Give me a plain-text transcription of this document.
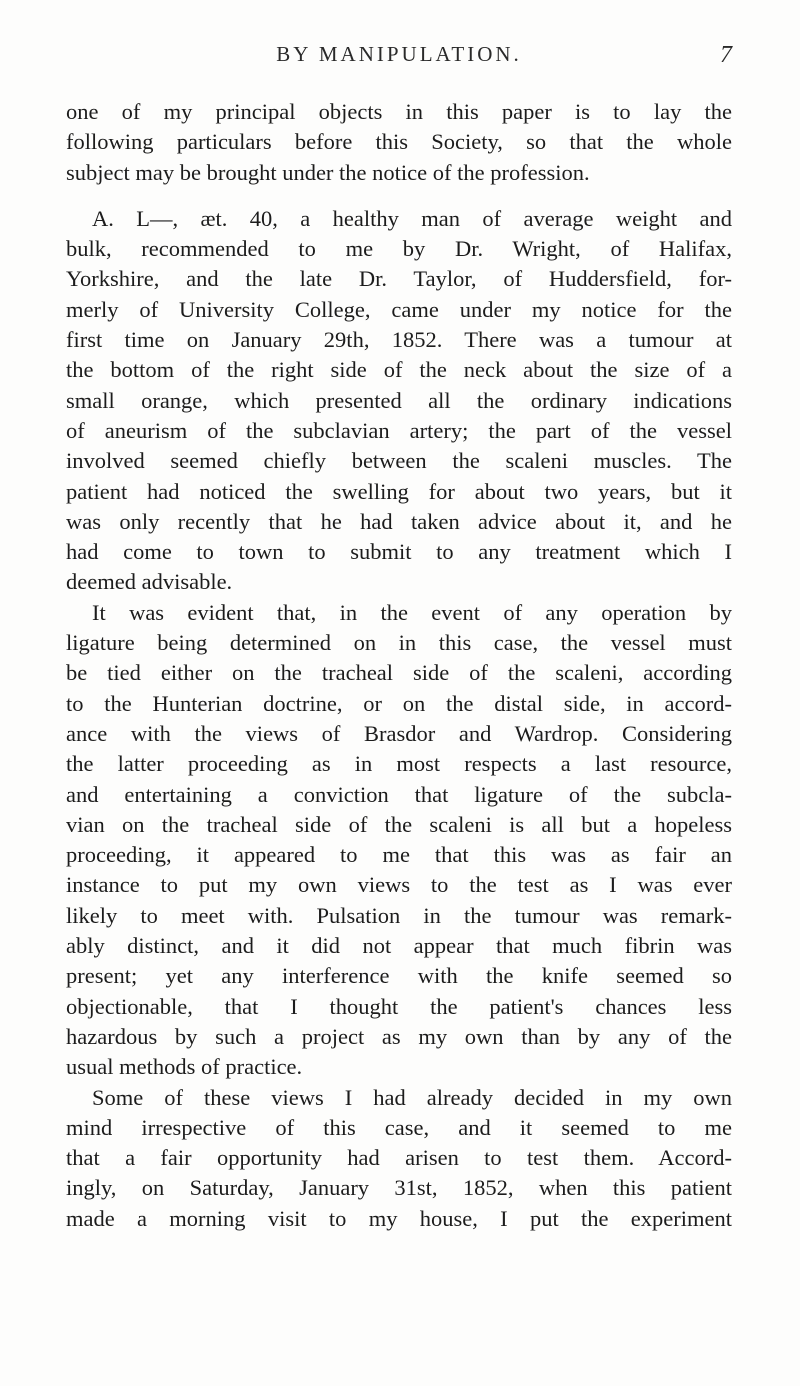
BY MANIPULATION.	7
one of my principal objects in this paper is to lay the
following particulars before this Society, so that the whole
subject may be brought under the notice of the profession.
A. L—, æt. 40, a healthy man of average weight and
bulk, recommended to me by Dr. Wright, of Halifax,
Yorkshire, and the late Dr. Taylor, of Huddersfield, for-
merly of University College, came under my notice for the
first time on January 29th, 1852. There was a tumour at
the bottom of the right side of the neck about the size of a
small orange, which presented all the ordinary indications
of aneurism of the subclavian artery; the part of the vessel
involved seemed chiefly between the scaleni muscles. The
patient had noticed the swelling for about two years, but it
was only recently that he had taken advice about it, and he
had come to town to submit to any treatment which I
deemed advisable.
It was evident that, in the event of any operation by
ligature being determined on in this case, the vessel must
be tied either on the tracheal side of the scaleni, according
to the Hunterian doctrine, or on the distal side, in accord-
ance with the views of Brasdor and Wardrop. Considering
the latter proceeding as in most respects a last resource,
and entertaining a conviction that ligature of the subcla-
vian on the tracheal side of the scaleni is all but a hopeless
proceeding, it appeared to me that this was as fair an
instance to put my own views to the test as I was ever
likely to meet with. Pulsation in the tumour was remark-
ably distinct, and it did not appear that much fibrin was
present; yet any interference with the knife seemed so
objectionable, that I thought the patient's chances less
hazardous by such a project as my own than by any of the
usual methods of practice.
Some of these views I had already decided in my own
mind irrespective of this case, and it seemed to me
that a fair opportunity had arisen to test them. Accord-
ingly, on Saturday, January 31st, 1852, when this patient
made a morning visit to my house, I put the experiment
